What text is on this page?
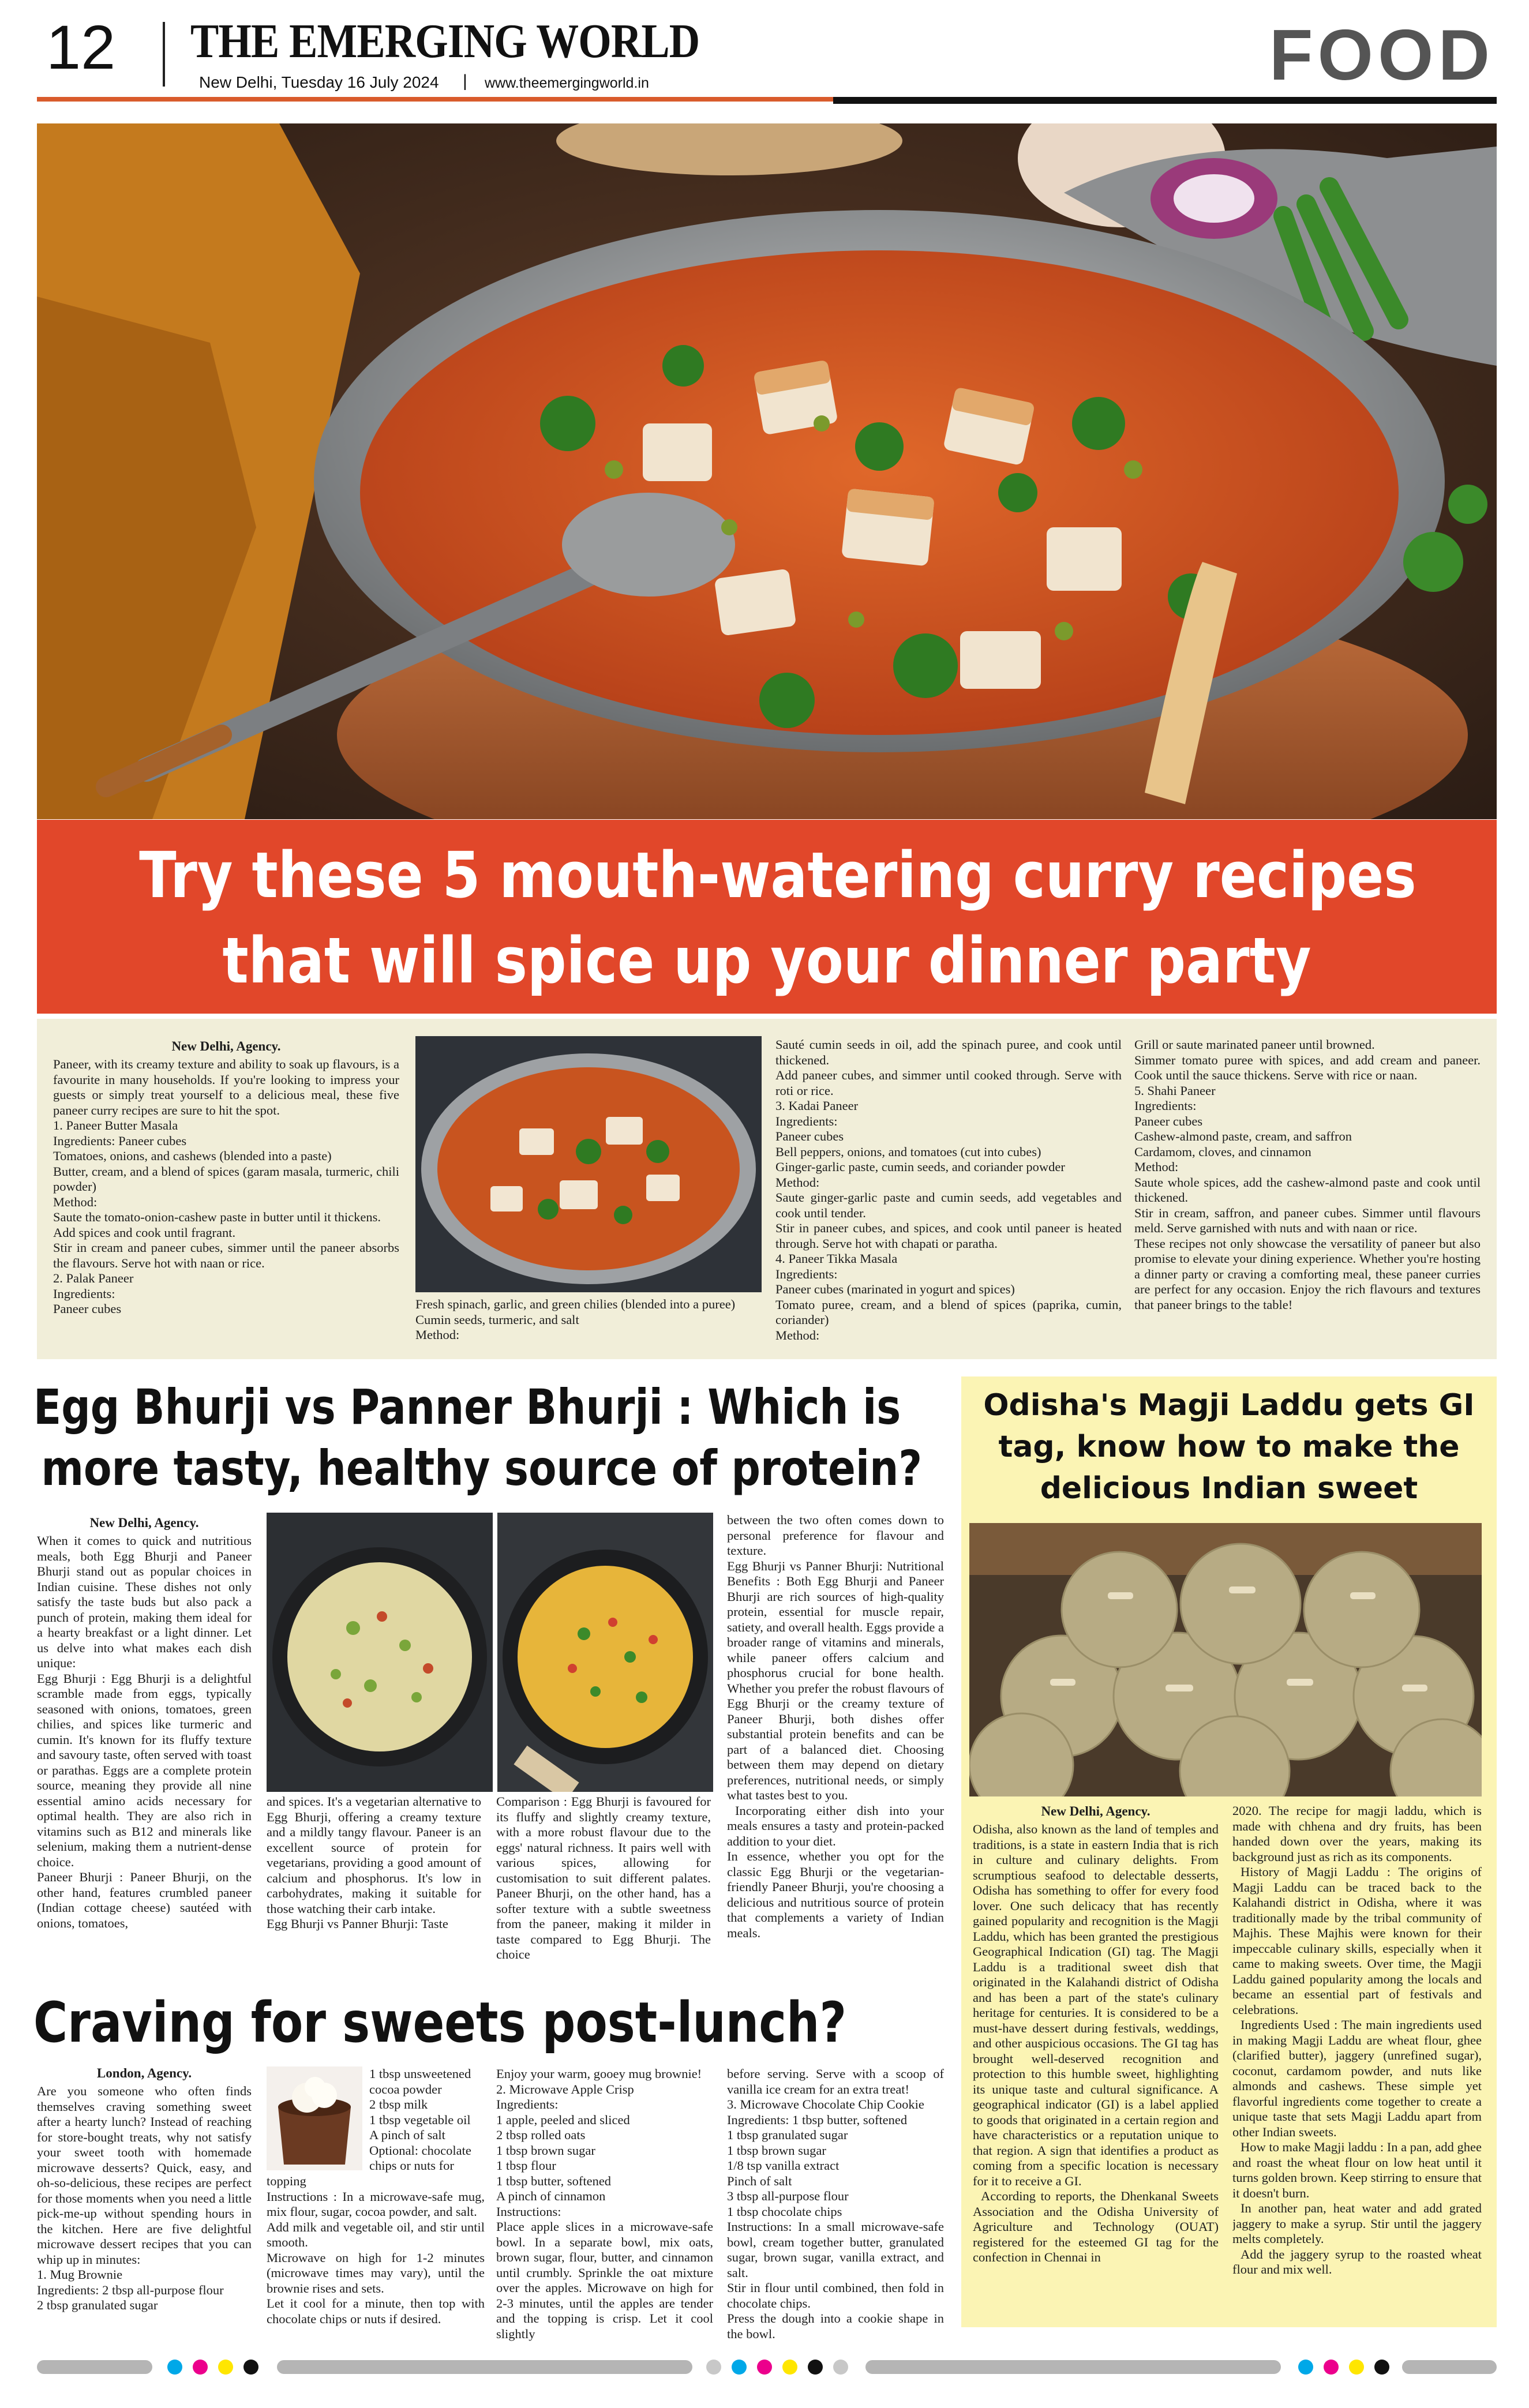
12 THE EMERGING WORLD
New Delhi, Tuesday 16 July 2024 | www.theemergingworld.in	FOOD
Try these 5 mouth-watering curry recipes
that will spice up your dinner party
New Delhi, Agency.

Paneer, with its creamy texture and ability to soak up flavours, is a favourite in many households. If you're looking to impress your guests or simply treat yourself to a delicious meal, these five paneer curry recipes are sure to hit the spot.

1. Paneer Butter Masala

Ingredients: Paneer cubes

Tomatoes, onions, and cashews (blended into a paste)

Butter, cream, and a blend of spices (garam masala, turmeric, chili powder)

Method:

Saute the tomato-onion-cashew paste in butter until it thickens.

Add spices and cook until fragrant.

Stir in cream and paneer cubes, simmer until the paneer absorbs the flavours. Serve hot with naan or rice.

2. Palak Paneer

Ingredients:

Paneer cubes	Fresh spinach, garlic, and green chilies (blended into a puree)

Cumin seeds, turmeric, and salt

Method:

Sauté cumin seeds in oil, add the spinach puree, and cook until thickened.

Add paneer cubes, and simmer until cooked through. Serve with roti or rice.

3. Kadai Paneer

Ingredients:

Paneer cubes

Bell peppers, onions, and tomatoes (cut into cubes)

Ginger-garlic paste, cumin seeds, and coriander powder

Method:

Saute ginger-garlic paste and cumin seeds, add vegetables and cook until tender.

Stir in paneer cubes, and spices, and cook until paneer is heated through. Serve hot with chapati or paratha.

4. Paneer Tikka Masala

Ingredients:

Paneer cubes (marinated in yogurt and spices)

Tomato puree, cream, and a blend of spices (paprika, cumin, coriander)

Method:

Grill or saute marinated paneer until browned.

Simmer tomato puree with spices, and add cream and paneer. Cook until the sauce thickens. Serve with rice or naan.

5. Shahi Paneer

Ingredients:

Paneer cubes

Cashew-almond paste, cream, and saffron

Cardamom, cloves, and cinnamon

Method:

Saute whole spices, add the cashew-almond paste and cook until thickened.

Stir in cream, saffron, and paneer cubes. Simmer until flavours meld. Serve garnished with nuts and with naan or rice.

These recipes not only showcase the versatility of paneer but also promise to elevate your dining experience. Whether you're hosting a dinner party or craving a comforting meal, these paneer curries are perfect for any occasion. Enjoy the rich flavours and textures that paneer brings to the table!

Egg Bhurji vs Panner Bhurji : Which is
more tasty, healthy source of protein?
New Delhi, Agency.

When it comes to quick and nutritious meals, both Egg Bhurji and Paneer Bhurji stand out as popular choices in Indian cuisine. These dishes not only satisfy the taste buds but also pack a punch of protein, making them ideal for a hearty breakfast or a light dinner. Let us delve into what makes each dish unique:

Egg Bhurji : Egg Bhurji is a delightful scramble made from eggs, typically seasoned with onions, tomatoes, green chilies, and spices like turmeric and cumin. It's known for its fluffy texture and savoury taste, often served with toast or parathas. Eggs are a complete protein source, meaning they provide all nine essential amino acids necessary for optimal health. They are also rich in vitamins such as B12 and minerals like selenium, making them a nutrient-dense choice.

Paneer Bhurji : Paneer Bhurji, on the other hand, features crumbled paneer (Indian cottage cheese) sautéed with onions, tomatoes,

and spices. It's a vegetarian alternative to Egg Bhurji, offering a creamy texture and a mildly tangy flavour. Paneer is an excellent source of protein for vegetarians, providing a good amount of calcium and phosphorus. It's low in carbohydrates, making it suitable for those watching their carb intake.

Egg Bhurji vs Panner Bhurji: Taste

Comparison : Egg Bhurji is favoured for its fluffy and slightly creamy texture, with a more robust flavour due to the eggs' natural richness. It pairs well with various spices, allowing for customisation to suit different palates. Paneer Bhurji, on the other hand, has a softer texture with a subtle sweetness from the paneer, making it milder in taste compared to Egg Bhurji. The choice

between the two often comes down to personal preference for flavour and texture.

Egg Bhurji vs Panner Bhurji: Nutritional Benefits : Both Egg Bhurji and Paneer Bhurji are rich sources of high-quality protein, essential for muscle repair, satiety, and overall health. Eggs provide a broader range of vitamins and minerals, while paneer offers calcium and phosphorus crucial for bone health. Whether you prefer the robust flavours of Egg Bhurji or the creamy texture of Paneer Bhurji, both dishes offer substantial protein benefits and can be part of a balanced diet. Choosing between them may depend on dietary preferences, nutritional needs, or simply what tastes best to you.

Incorporating either dish into your meals ensures a tasty and protein-packed addition to your diet.

In essence, whether you opt for the classic Egg Bhurji or the vegetarian-friendly Paneer Bhurji, you're choosing a delicious and nutritious source of protein that complements a variety of Indian meals.

Odisha's Magji Laddu gets GI
tag, know how to make the
delicious Indian sweet
New Delhi, Agency.

Odisha, also known as the land of temples and traditions, is a state in eastern India that is rich in culture and culinary delights. From scrumptious seafood to delectable desserts, Odisha has something to offer for every food lover. One such delicacy that has recently gained popularity and recognition is the Magji Laddu, which has been granted the prestigious Geographical Indication (GI) tag. The Magji Laddu is a traditional sweet dish that originated in the Kalahandi district of Odisha and has been a part of the state's culinary heritage for centuries. It is considered to be a must-have dessert during festivals, weddings, and other auspicious occasions. The GI tag has brought well-deserved recognition and protection to this humble sweet, highlighting its unique taste and cultural significance. A geographical indicator (GI) is a label applied to goods that originated in a certain region and have characteristics or a reputation unique to that region. A sign that identifies a product as coming from a specific location is necessary for it to receive a GI.

According to reports, the Dhenkanal Sweets Association and the Odisha University of Agriculture and Technology (OUAT) registered for the esteemed GI tag for the confection in Chennai in

2020. The recipe for magji laddu, which is made with chhena and dry fruits, has been handed down over the years, making its background just as rich as its components.

History of Magji Laddu : The origins of Magji Laddu can be traced back to the Kalahandi district in Odisha, where it was traditionally made by the tribal community of Majhis. These Majhis were known for their impeccable culinary skills, especially when it came to making sweets. Over time, the Magji Laddu gained popularity among the locals and became an essential part of festivals and celebrations.

Ingredients Used : The main ingredients used in making Magji Laddu are wheat flour, ghee (clarified butter), jaggery (unrefined sugar), coconut, cardamom powder, and nuts like almonds and cashews. These simple yet flavorful ingredients come together to create a unique taste that sets Magji Laddu apart from other Indian sweets.

How to make Magji laddu : In a pan, add ghee and roast the wheat flour on low heat until it turns golden brown. Keep stirring to ensure that it doesn't burn.

In another pan, heat water and add grated jaggery to make a syrup. Stir until the jaggery melts completely.

Add the jaggery syrup to the roasted wheat flour and mix well.

Craving for sweets post-lunch?
London, Agency.

Are you someone who often finds themselves craving something sweet after a hearty lunch? Instead of reaching for store-bought treats, why not satisfy your sweet tooth with homemade microwave desserts? Quick, easy, and oh-so-delicious, these recipes are perfect for those moments when you need a little pick-me-up without spending hours in the kitchen. Here are five delightful microwave dessert recipes that you can whip up in minutes:

1. Mug Brownie

Ingredients: 2 tbsp all-purpose flour

2 tbsp granulated sugar

1 tbsp unsweetened cocoa powder

2 tbsp milk

1 tbsp vegetable oil

A pinch of salt

Optional: chocolate chips or nuts for

topping

Instructions : In a microwave-safe mug, mix flour, sugar, cocoa powder, and salt.

Add milk and vegetable oil, and stir until smooth.

Microwave on high for 1-2 minutes (microwave times may vary), until the brownie rises and sets.

Let it cool for a minute, then top with chocolate chips or nuts if desired.

Enjoy your warm, gooey mug brownie!

2. Microwave Apple Crisp

Ingredients:

1 apple, peeled and sliced

2 tbsp rolled oats

1 tbsp brown sugar

1 tbsp flour

1 tbsp butter, softened

A pinch of cinnamon

Instructions:

Place apple slices in a microwave-safe bowl. In a separate bowl, mix oats, brown sugar, flour, butter, and cinnamon until crumbly. Sprinkle the oat mixture over the apples. Microwave on high for 2-3 minutes, until the apples are tender and the topping is crisp. Let it cool slightly

before serving. Serve with a scoop of vanilla ice cream for an extra treat!

3. Microwave Chocolate Chip Cookie

Ingredients: 1 tbsp butter, softened

1 tbsp granulated sugar

1 tbsp brown sugar

1/8 tsp vanilla extract

Pinch of salt

3 tbsp all-purpose flour

1 tbsp chocolate chips

Instructions: In a small microwave-safe bowl, cream together butter, granulated sugar, brown sugar, vanilla extract, and salt.

Stir in flour until combined, then fold in chocolate chips.

Press the dough into a cookie shape in the bowl.
